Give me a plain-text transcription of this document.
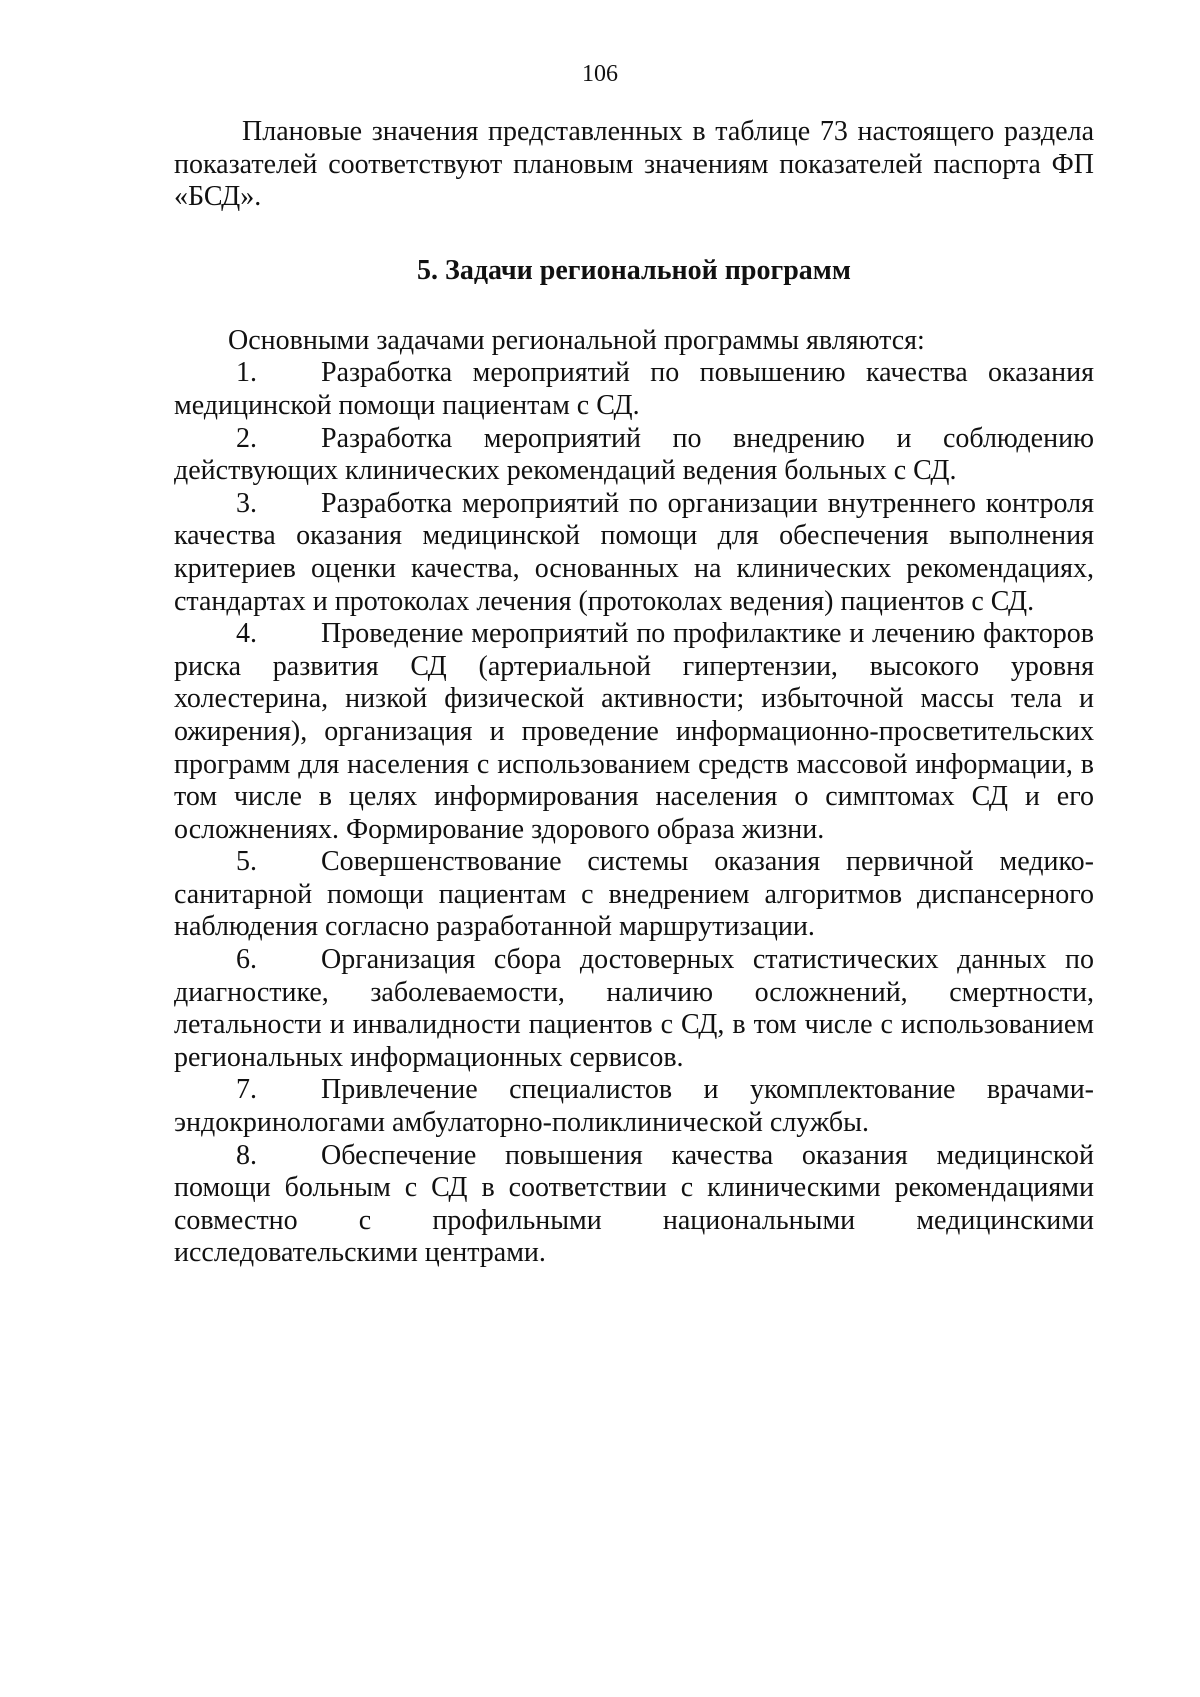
106

Плановые значения представленных в таблице 73 настоящего раздела показателей соответствуют плановым значениям показателей паспорта ФП «БСД».

5. Задачи региональной программ

Основными задачами региональной программы являются:

1. Разработка мероприятий по повышению качества оказания медицинской помощи пациентам с СД.
2. Разработка мероприятий по внедрению и соблюдению действующих клинических рекомендаций ведения больных с СД.
3. Разработка мероприятий по организации внутреннего контроля качества оказания медицинской помощи для обеспечения выполнения критериев оценки качества, основанных на клинических рекомендациях, стандартах и протоколах лечения (протоколах ведения) пациентов с СД.
4. Проведение мероприятий по профилактике и лечению факторов риска развития СД (артериальной гипертензии, высокого уровня холестерина, низкой физической активности; избыточной массы тела и ожирения), организация и проведение информационно-просветительских программ для населения с использованием средств массовой информации, в том числе в целях информирования населения о симптомах СД и его осложнениях. Формирование здорового образа жизни.
5. Совершенствование системы оказания первичной медико-санитарной помощи пациентам с внедрением алгоритмов диспансерного наблюдения согласно разработанной маршрутизации.
6. Организация сбора достоверных статистических данных по диагностике, заболеваемости, наличию осложнений, смертности, летальности и инвалидности пациентов с СД, в том числе с использованием региональных информационных сервисов.
7. Привлечение специалистов и укомплектование врачами-эндокринологами амбулаторно-поликлинической службы.
8. Обеспечение повышения качества оказания медицинской помощи больным с СД в соответствии с клиническими рекомендациями совместно с профильными национальными медицинскими исследовательскими центрами.
